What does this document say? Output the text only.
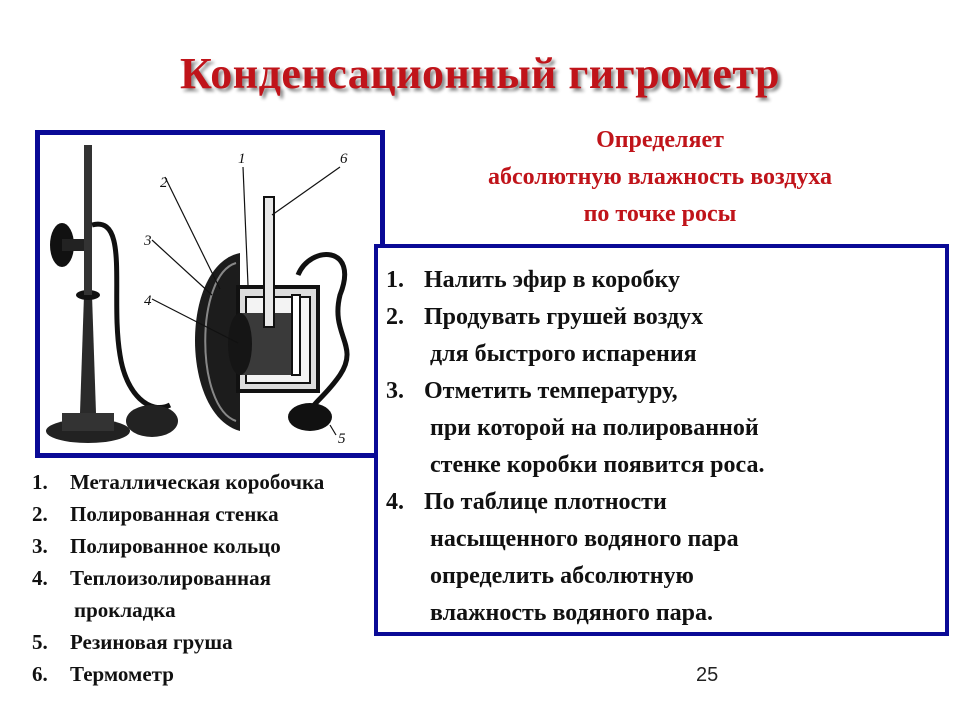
Конденсационный гигрометр
Определяет
абсолютную влажность воздуха
по точке росы
1
2
3
4
5
6
1. Металлическая коробочка
2. Полированная стенка
3. Полированное кольцо
4. Теплоизолированная
прокладка
5. Резиновая груша
6. Термометр
1. Налить эфир в коробку
2. Продувать грушей воздух
для быстрого испарения
3. Отметить температуру,
при которой на полированной
стенке коробки появится роса.
4. По таблице плотности
насыщенного водяного пара
определить абсолютную
влажность водяного пара.
25
